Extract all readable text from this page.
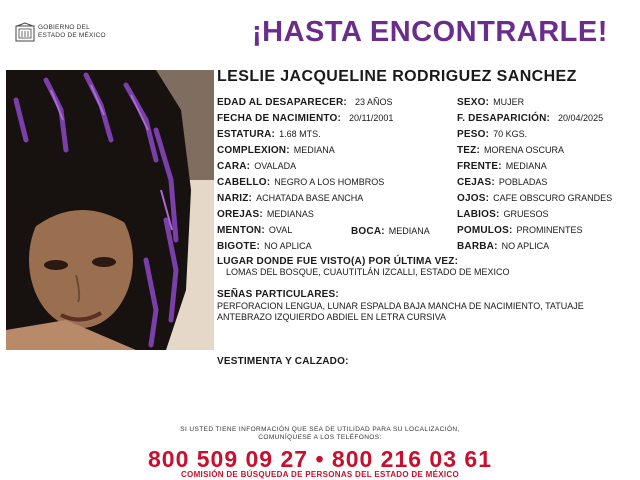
GOBIERNO DEL
ESTADO DE MÉXICO	¡HASTA ENCONTRARLE!
LESLIE JACQUELINE RODRIGUEZ SANCHEZ
EDAD AL DESAPARECER: 23 AÑOS
FECHA DE NACIMIENTO: 20/11/2001
ESTATURA: 1.68 MTS.
COMPLEXION: MEDIANA
CARA: OVALADA
CABELLO: NEGRO A LOS HOMBROS
NARIZ: ACHATADA BASE ANCHA
OREJAS: MEDIANAS
MENTON: OVAL
BIGOTE: NO APLICA
BOCA: MEDIANA
SEXO: MUJER
F. DESAPARICIÓN: 20/04/2025
PESO: 70 KGS.
TEZ: MORENA OSCURA
FRENTE: MEDIANA
CEJAS: POBLADAS
OJOS: CAFE OBSCURO GRANDES
LABIOS: GRUESOS
POMULOS: PROMINENTES
BARBA: NO APLICA
LUGAR DONDE FUE VISTO(A) POR ÚLTIMA VEZ:
LOMAS DEL BOSQUE, CUAUTITLÁN IZCALLI, ESTADO DE MEXICO
SEÑAS PARTICULARES:
PERFORACION LENGUA, LUNAR ESPALDA BAJA MANCHA DE NACIMIENTO, TATUAJE
ANTEBRAZO IZQUIERDO ABDIEL EN LETRA CURSIVA
VESTIMENTA Y CALZADO:
SI USTED TIENE INFORMACIÓN QUE SEA DE UTILIDAD PARA SU LOCALIZACIÓN,
COMUNÍQUESE A LOS TELÉFONOS:
800 509 09 27 • 800 216 03 61
COMISIÓN DE BÚSQUEDA DE PERSONAS DEL ESTADO DE MÉXICO
